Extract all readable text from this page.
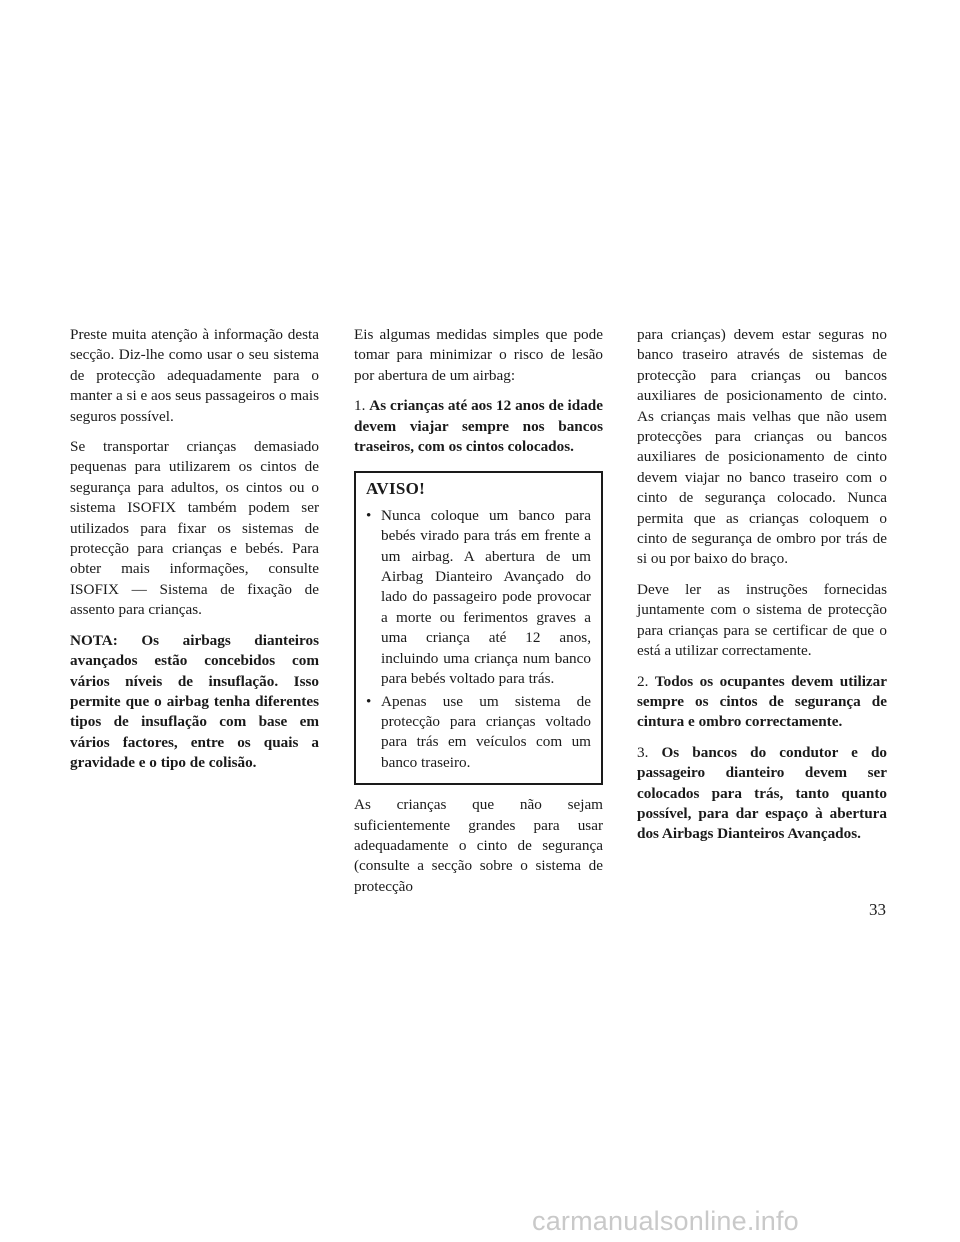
Preste muita atenção à informação desta secção. Diz-lhe como usar o seu sistema de protecção adequadamente para o manter a si e aos seus passageiros o mais seguros possível.

Se transportar crianças demasiado pequenas para utilizarem os cintos de segurança para adultos, os cintos ou o sistema ISOFIX também podem ser utilizados para fixar os sistemas de protecção para crianças e bebés. Para obter mais informações, consulte ISOFIX — Sistema de fixação de assento para crianças.

NOTA: Os airbags dianteiros avançados estão concebidos com vários níveis de insuflação. Isso permite que o airbag tenha diferentes tipos de insuflação com base em vários factores, entre os quais a gravidade e o tipo de colisão.

Eis algumas medidas simples que pode tomar para minimizar o risco de lesão por abertura de um airbag:

1. As crianças até aos 12 anos de idade devem viajar sempre nos bancos traseiros, com os cintos colocados.

AVISO!
• Nunca coloque um banco para bebés virado para trás em frente a um airbag. A abertura de um Airbag Dianteiro Avançado do lado do passageiro pode provocar a morte ou ferimentos graves a uma criança até 12 anos, incluindo uma criança num banco para bebés voltado para trás.
• Apenas use um sistema de protecção para crianças voltado para trás em veículos com um banco traseiro.

As crianças que não sejam suficientemente grandes para usar adequadamente o cinto de segurança (consulte a secção sobre o sistema de protecção

para crianças) devem estar seguras no banco traseiro através de sistemas de protecção para crianças ou bancos auxiliares de posicionamento de cinto. As crianças mais velhas que não usem protecções para crianças ou bancos auxiliares de posicionamento de cinto devem viajar no banco traseiro com o cinto de segurança colocado. Nunca permita que as crianças coloquem o cinto de segurança de ombro por trás de si ou por baixo do braço.

Deve ler as instruções fornecidas juntamente com o sistema de protecção para crianças para se certificar de que o está a utilizar correctamente.

2. Todos os ocupantes devem utilizar sempre os cintos de segurança de cintura e ombro correctamente.

3. Os bancos do condutor e do passageiro dianteiro devem ser colocados para trás, tanto quanto possível, para dar espaço à abertura dos Airbags Dianteiros Avançados.

33
carmanualsonline.info
